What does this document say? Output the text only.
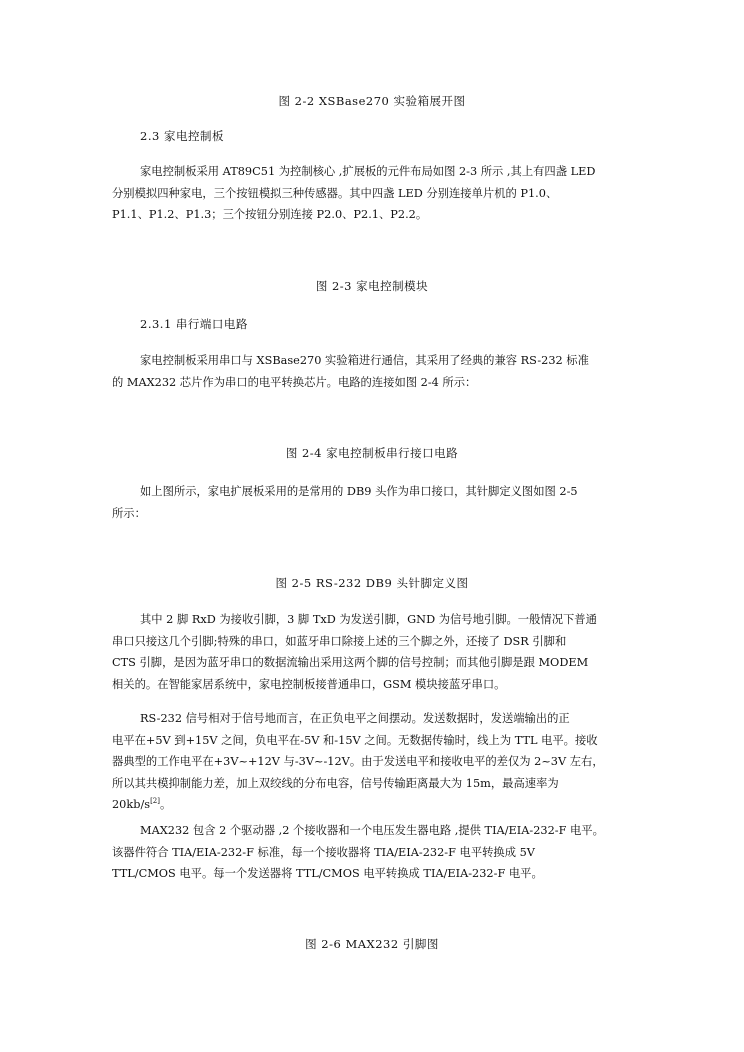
图 2-2 XSBase270 实验箱展开图
2.3 家电控制板
家电控制板采用 AT89C51 为控制核心 ,扩展板的元件布局如图 2-3 所示 ,其上有四盏 LED
分别模拟四种家电，三个按钮模拟三种传感器。其中四盏 LED 分别连接单片机的 P1.0、
P1.1、P1.2、P1.3；三个按钮分别连接 P2.0、P2.1、P2.2。
图 2-3 家电控制模块
2.3.1 串行端口电路
家电控制板采用串口与 XSBase270 实验箱进行通信，其采用了经典的兼容 RS-232 标准
的 MAX232 芯片作为串口的电平转换芯片。电路的连接如图 2-4 所示：
图 2-4 家电控制板串行接口电路
如上图所示，家电扩展板采用的是常用的 DB9 头作为串口接口，其针脚定义图如图 2-5
所示：
图 2-5 RS-232 DB9 头针脚定义图
其中 2 脚 RxD 为接收引脚，3 脚 TxD 为发送引脚，GND 为信号地引脚。一般情况下普通
串口只接这几个引脚;特殊的串口，如蓝牙串口除接上述的三个脚之外，还接了 DSR 引脚和
CTS 引脚，是因为蓝牙串口的数据流输出采用这两个脚的信号控制；而其他引脚是跟 MODEM
相关的。在智能家居系统中，家电控制板接普通串口，GSM 模块接蓝牙串口。
RS-232 信号相对于信号地而言，在正负电平之间摆动。发送数据时，发送端输出的正
电平在+5V 到+15V 之间，负电平在-5V 和-15V 之间。无数据传输时，线上为 TTL 电平。接收
器典型的工作电平在+3V~+12V 与-3V~-12V。由于发送电平和接收电平的差仅为 2~3V 左右，
所以其共模抑制能力差，加上双绞线的分布电容，信号传输距离最大为 15m，最高速率为
20kb/s[2]。
MAX232 包含 2 个驱动器 ,2 个接收器和一个电压发生器电路 ,提供 TIA/EIA-232-F 电平。
该器件符合 TIA/EIA-232-F 标准，每一个接收器将 TIA/EIA-232-F 电平转换成 5V
TTL/CMOS 电平。每一个发送器将 TTL/CMOS 电平转换成 TIA/EIA-232-F 电平。
图 2-6 MAX232 引脚图
